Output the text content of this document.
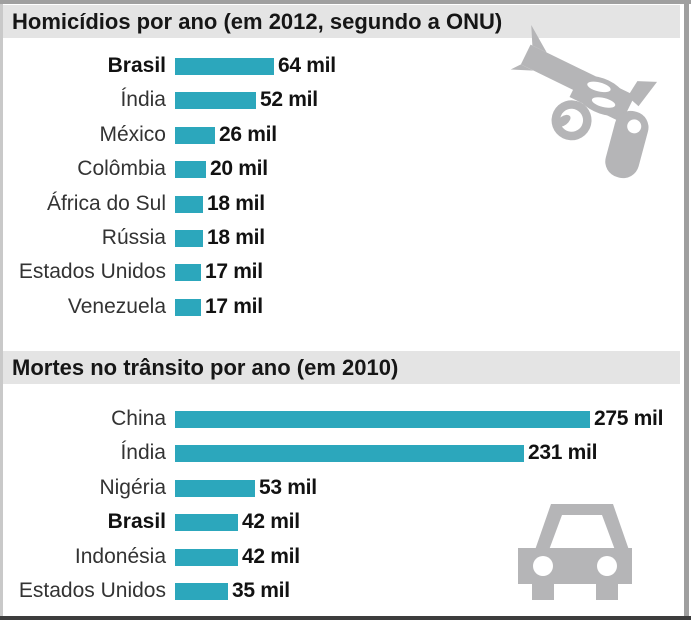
Homicídios por ano (em 2012, segundo a ONU)
Brasil	64 mil
Índia	52 mil
México	26 mil
Colômbia 20 mil
África do Sul 18 mil
Rússia 18 mil
Estados Unidos 17 mil
Venezuela 17 mil
Mortes no trânsito por ano (em 2010)
China	275 mil
Índia	231 mil
Nigéria	53 mil
Brasil	42 mil
Indonésia	42 mil
Estados Unidos	35 mil
